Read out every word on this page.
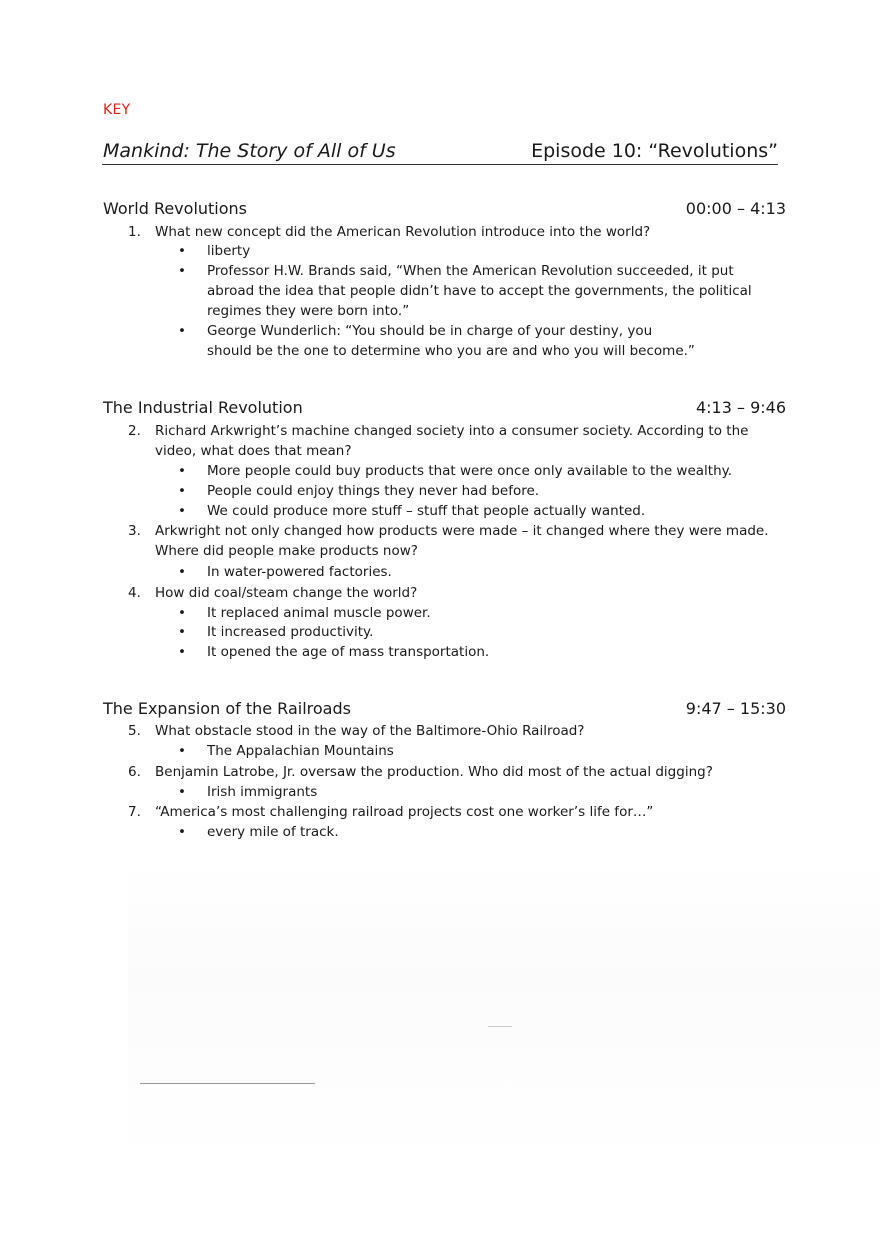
KEY
Mankind: The Story of All of Us	Episode 10: “Revolutions”
World Revolutions	00:00 – 4:13
1.	What new concept did the American Revolution introduce into the world?
•	liberty
•	Professor H.W. Brands said, “When the American Revolution succeeded, it put abroad the idea that people didn’t have to accept the governments, the political regimes they were born into.”
•	George Wunderlich: “You should be in charge of your destiny, you should be the one to determine who you are and who you will become.”
The Industrial Revolution	4:13 – 9:46
2.	Richard Arkwright’s machine changed society into a consumer society. According to the video, what does that mean?
•	More people could buy products that were once only available to the wealthy.
•	People could enjoy things they never had before.
•	We could produce more stuff – stuff that people actually wanted.
3.	Arkwright not only changed how products were made – it changed where they were made. Where did people make products now?
•	In water-powered factories.
4.	How did coal/steam change the world?
•	It replaced animal muscle power.
•	It increased productivity.
•	It opened the age of mass transportation.
The Expansion of the Railroads	9:47 – 15:30
5.	What obstacle stood in the way of the Baltimore-Ohio Railroad?
•	The Appalachian Mountains
6.	Benjamin Latrobe, Jr. oversaw the production. Who did most of the actual digging?
•	Irish immigrants
7.	“America’s most challenging railroad projects cost one worker’s life for…”
•	every mile of track.
